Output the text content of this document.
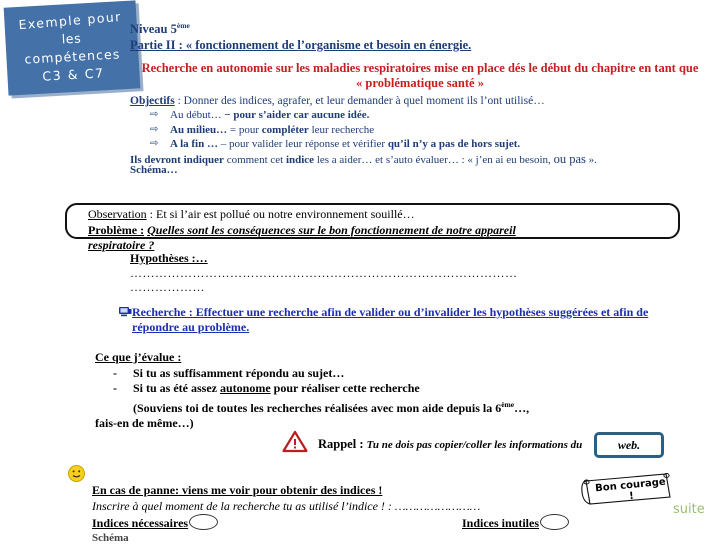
Exemple pour
les
compétences
C3 & C7
Niveau 5ème
Partie II : « fonctionnement de l’organisme et besoin en énergie.
Recherche en autonomie sur les maladies respiratoires mise en place dés le début du chapitre en tant que « problématique santé »
Objectifs : Donner des indices, agrafer, et leur demander à quel moment ils l’ont utilisé…
⇨ Au début… − pour s’aider car aucune idée.
⇨ Au milieu… = pour compléter leur recherche
⇨ A la fin … – pour valider leur réponse et vérifier qu’il n’y a pas de hors sujet.
Ils devront indiquer comment cet indice les a aider… et s’auto évaluer… : « j’en ai eu besoin, ou pas ».
Schéma…
Observation : Et si l’air est pollué ou notre environnement souillé…
Problème : Quelles sont les conséquences sur le bon fonctionnement de notre appareil
respiratoire ?
Hypothèses :…
…………………………………………………………………………………
………………
Recherche : Effectuer une recherche afin de valider ou d’invalider les hypothèses suggérées et afin de répondre au problème.
Ce que j’évalue :
- Si tu as suffisamment répondu au sujet…
- Si tu as été assez autonome pour réaliser cette recherche
(Souviens toi de toutes les recherches réalisées avec mon aide depuis la 6ème…,
fais-en de même…)
Rappel : Tu ne dois pas copier/coller les informations du	web.
En cas de panne: viens me voir pour obtenir des indices !
Inscrire à quel moment de la recherche tu as utilisé l’indice ! : ……………………
Indices nécessaires	Indices inutiles
Schéma
Bon courage !
suite
